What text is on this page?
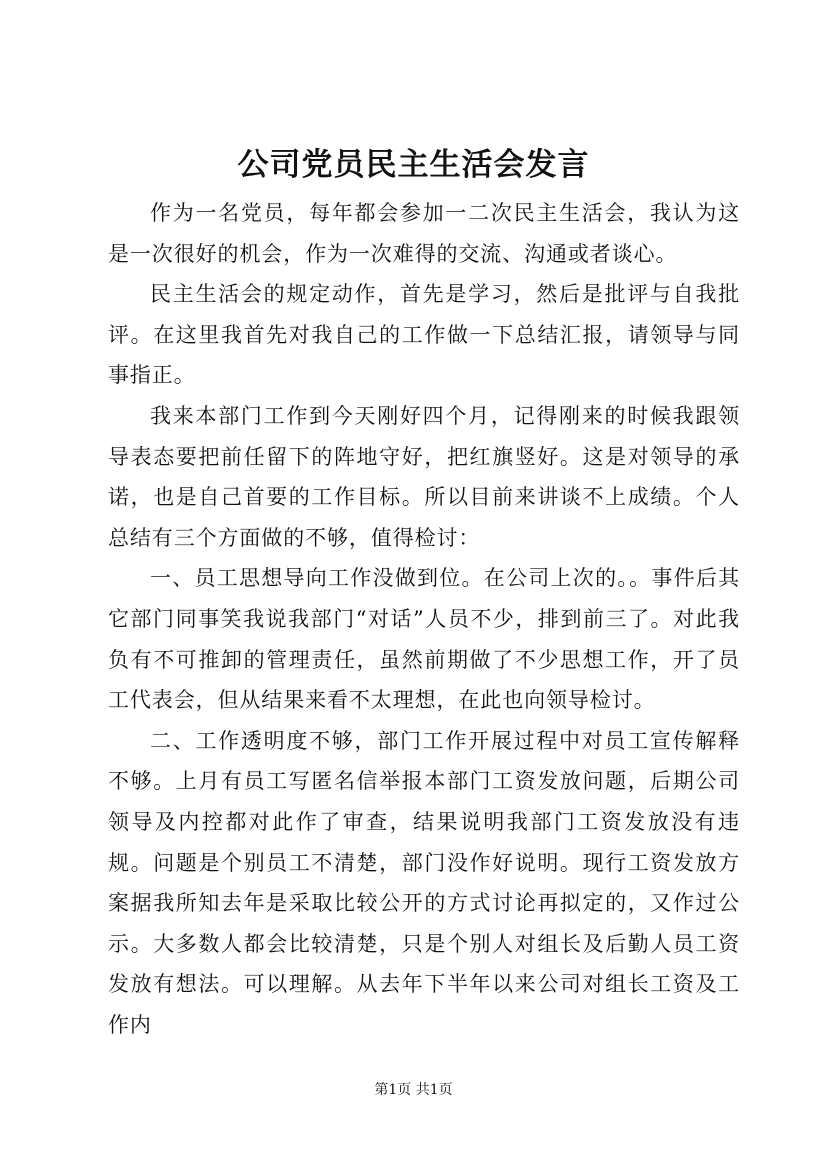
公司党员民主生活会发言

作为一名党员，每年都会参加一二次民主生活会，我认为这是一次很好的机会，作为一次难得的交流、沟通或者谈心。

民主生活会的规定动作，首先是学习，然后是批评与自我批评。在这里我首先对我自己的工作做一下总结汇报，请领导与同事指正。

我来本部门工作到今天刚好四个月，记得刚来的时候我跟领导表态要把前任留下的阵地守好，把红旗竖好。这是对领导的承诺，也是自己首要的工作目标。所以目前来讲谈不上成绩。个人总结有三个方面做的不够，值得检讨：

一、员工思想导向工作没做到位。在公司上次的。。事件后其它部门同事笑我说我部门“对话”人员不少，排到前三了。对此我负有不可推卸的管理责任，虽然前期做了不少思想工作，开了员工代表会，但从结果来看不太理想，在此也向领导检讨。

二、工作透明度不够，部门工作开展过程中对员工宣传解释不够。上月有员工写匿名信举报本部门工资发放问题，后期公司领导及内控都对此作了审查，结果说明我部门工资发放没有违规。问题是个别员工不清楚，部门没作好说明。现行工资发放方案据我所知去年是采取比较公开的方式讨论再拟定的，又作过公示。大多数人都会比较清楚，只是个别人对组长及后勤人员工资发放有想法。可以理解。从去年下半年以来公司对组长工资及工作内

第1页 共1页
